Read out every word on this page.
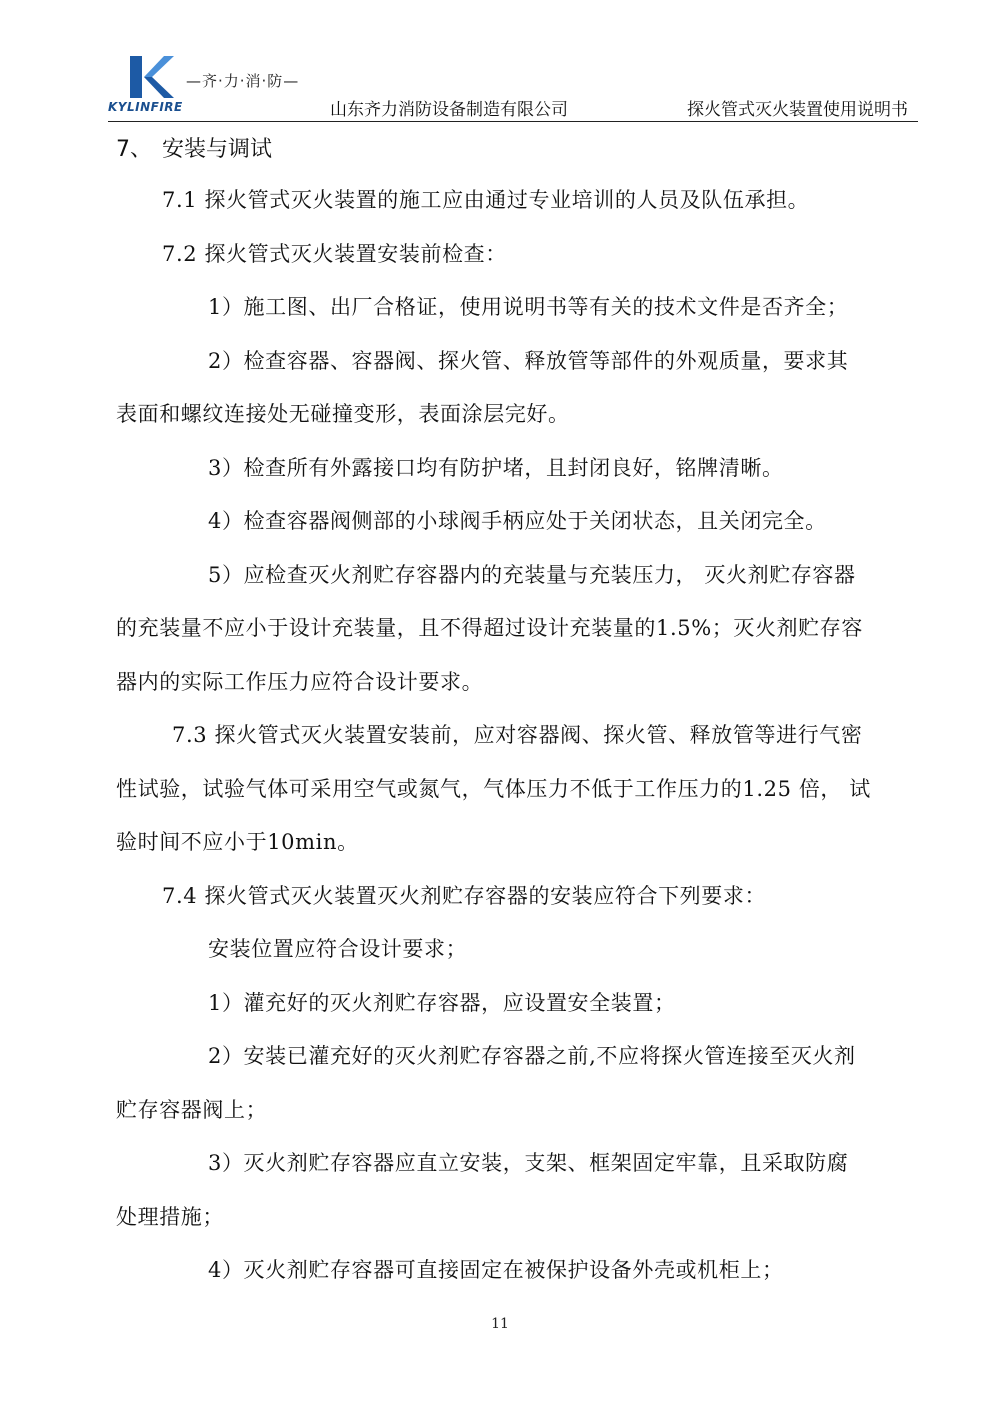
—齐·力·消·防—
KYLINFIRE	山东齐力消防设备制造有限公司	探火管式灭火装置使用说明书
7、 安装与调试

7.1 探火管式灭火装置的施工应由通过专业培训的人员及队伍承担。

7.2 探火管式灭火装置安装前检查：

1）施工图、出厂合格证，使用说明书等有关的技术文件是否齐全；

2）检查容器、容器阀、探火管、释放管等部件的外观质量，要求其

表面和螺纹连接处无碰撞变形，表面涂层完好。

3）检查所有外露接口均有防护堵，且封闭良好，铭牌清晰。

4）检查容器阀侧部的小球阀手柄应处于关闭状态，且关闭完全。

5）应检查灭火剂贮存容器内的充装量与充装压力， 灭火剂贮存容器

的充装量不应小于设计充装量，且不得超过设计充装量的1.5%；灭火剂贮存容

器内的实际工作压力应符合设计要求。

7.3 探火管式灭火装置安装前，应对容器阀、探火管、释放管等进行气密

性试验，试验气体可采用空气或氮气，气体压力不低于工作压力的1.25 倍， 试

验时间不应小于10min。

7.4 探火管式灭火装置灭火剂贮存容器的安装应符合下列要求：

安装位置应符合设计要求；

1）灌充好的灭火剂贮存容器，应设置安全装置；

2）安装已灌充好的灭火剂贮存容器之前,不应将探火管连接至灭火剂

贮存容器阀上；

3）灭火剂贮存容器应直立安装，支架、框架固定牢靠，且采取防腐

处理措施；

4）灭火剂贮存容器可直接固定在被保护设备外壳或机柜上；

11
